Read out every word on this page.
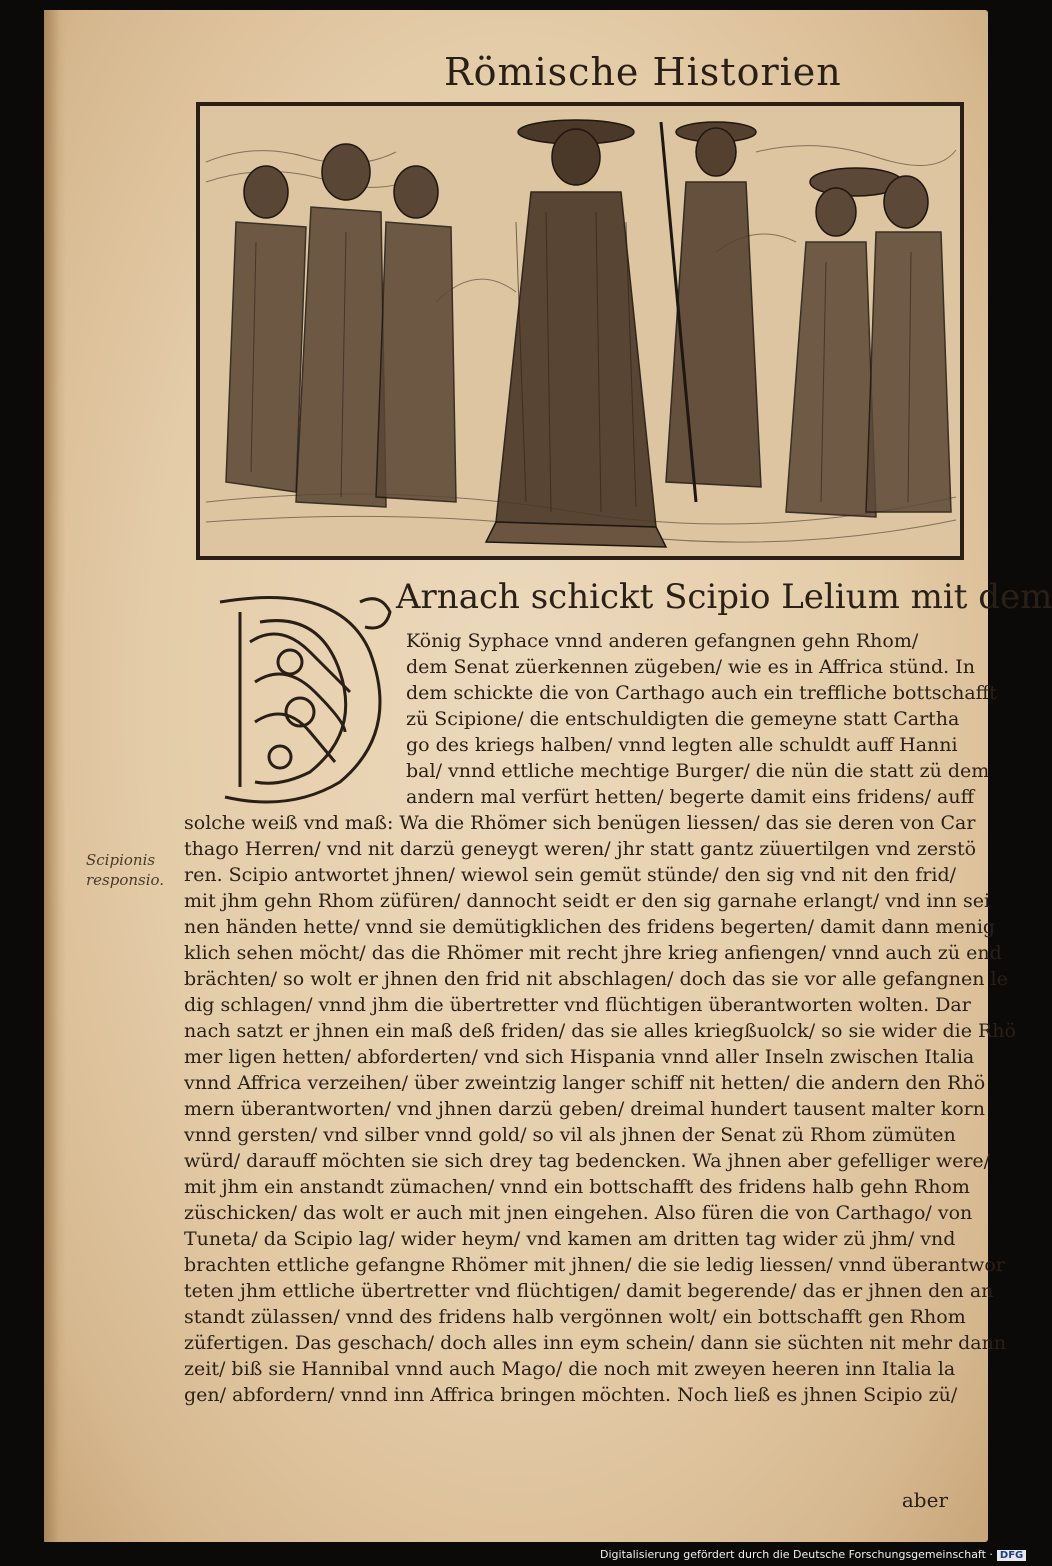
Römische Historien
Arnach schickt Scipio Lelium mit dem
König Syphace vnnd anderen gefangnen gehn Rhom/
dem Senat züerkennen zügeben/ wie es in Affrica stünd. In
dem schickte die von Carthago auch ein treffliche bottschafft
zü Scipione/ die entschuldigten die gemeyne statt Cartha
go des kriegs halben/ vnnd legten alle schuldt auff Hanni
bal/ vnnd ettliche mechtige Burger/ die nün die statt zü dem
andern mal verfürt hetten/ begerte damit eins fridens/ auff
solche weiß vnd maß: Wa die Rhömer sich benügen liessen/ das sie deren von Car
thago Herren/ vnd nit darzü geneygt weren/ jhr statt gantz züuertilgen vnd zerstö
ren. Scipio antwortet jhnen/ wiewol sein gemüt stünde/ den sig vnd nit den frid/
mit jhm gehn Rhom züfüren/ dannocht seidt er den sig garnahe erlangt/ vnd inn sei
nen händen hette/ vnnd sie demütigklichen des fridens begerten/ damit dann menig
klich sehen möcht/ das die Rhömer mit recht jhre krieg anfiengen/ vnnd auch zü end
brächten/ so wolt er jhnen den frid nit abschlagen/ doch das sie vor alle gefangnen le
dig schlagen/ vnnd jhm die übertretter vnd flüchtigen überantworten wolten. Dar
nach satzt er jhnen ein maß deß friden/ das sie alles kriegßuolck/ so sie wider die Rhö
mer ligen hetten/ abforderten/ vnd sich Hispania vnnd aller Inseln zwischen Italia
vnnd Affrica verzeihen/ über zweintzig langer schiff nit hetten/ die andern den Rhö
mern überantworten/ vnd jhnen darzü geben/ dreimal hundert tausent malter korn
vnnd gersten/ vnd silber vnnd gold/ so vil als jhnen der Senat zü Rhom zümüten
würd/ darauff möchten sie sich drey tag bedencken. Wa jhnen aber gefelliger were/
mit jhm ein anstandt zümachen/ vnnd ein bottschafft des fridens halb gehn Rhom
züschicken/ das wolt er auch mit jnen eingehen. Also füren die von Carthago/ von
Tuneta/ da Scipio lag/ wider heym/ vnd kamen am dritten tag wider zü jhm/ vnd
brachten ettliche gefangne Rhömer mit jhnen/ die sie ledig liessen/ vnnd überantwor
teten jhm ettliche übertretter vnd flüchtigen/ damit begerende/ das er jhnen den an
standt zülassen/ vnnd des fridens halb vergönnen wolt/ ein bottschafft gen Rhom
züfertigen. Das geschach/ doch alles inn eym schein/ dann sie süchten nit mehr dann
zeit/ biß sie Hannibal vnnd auch Mago/ die noch mit zweyen heeren inn Italia la
gen/ abfordern/ vnnd inn Affrica bringen möchten. Noch ließ es jhnen Scipio zü/
Scipionis
responsio.
aber
Digitalisierung gefördert durch die Deutsche Forschungsgemeinschaft · DFG
